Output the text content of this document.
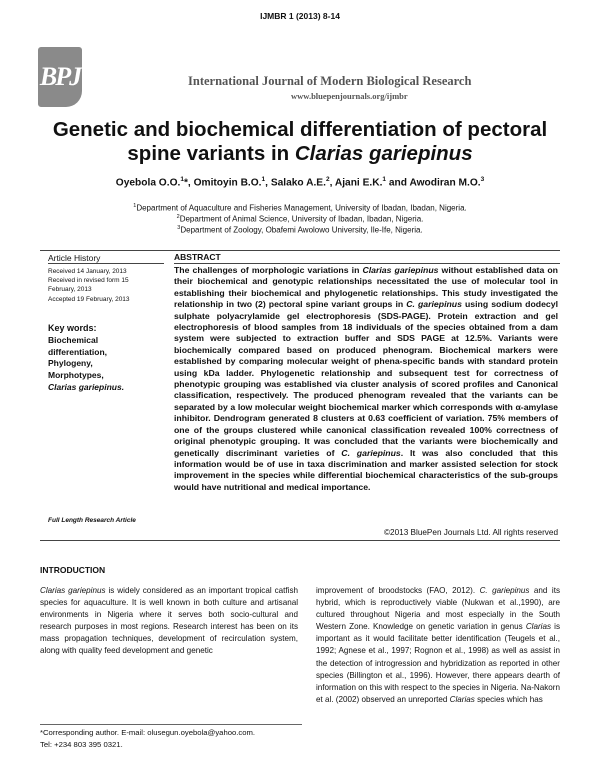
IJMBR 1 (2013) 8-14
BPJ	International Journal of Modern Biological Research
www.bluepenjournals.org/ijmbr
Genetic and biochemical differentiation of pectoral
spine variants in Clarias gariepinus
Oyebola O.O.$^1$*, Omitoyin B.O.$^1$, Salako A.E.$^2$, Ajani E.K.$^1$ and Awodiran M.O.$^3$
$^1$Department of Aquaculture and Fisheries Management, University of Ibadan, Ibadan, Nigeria.
$^2$Department of Animal Science, University of Ibadan, Ibadan, Nigeria.
$^3$Department of Zoology, Obafemi Awolowo University, Ile-Ife, Nigeria.
Article History	ABSTRACT
Received 14 January, 2013
Received in revised form 15
February, 2013
Accepted 19 February, 2013
Key words:
Biochemical
differentiation,
Phylogeny,
Morphotypes,
Clarias gariepinus.
Full Length Research Article
The challenges of morphologic variations in Clarias gariepinus without established data on their biochemical and genotypic relationships necessitated the use of molecular tool in establishing their biochemical and phylogenetic relationships. This study investigated the relationship in two (2) pectoral spine variant groups in C. gariepinus using sodium dodecyl sulphate polyacrylamide gel electrophoresis (SDS-PAGE). Protein extraction and gel electrophoresis of blood samples from 18 individuals of the species obtained from a dam system were subjected to extraction buffer and SDS PAGE at 12.5%. Variants were biochemically compared based on produced phenogram. Biochemical markers were established by comparing molecular weight of phena-specific bands with standard protein using kDa ladder. Phylogenetic relationship and subsequent test for correctness of phenotypic grouping was established via cluster analysis of scored profiles and Canonical classification, respectively. The produced phenogram revealed that the variants can be separated by a low molecular weight biochemical marker which corresponds with α-amylase inhibitor. Dendrogram generated 8 clusters at 0.63 coefficient of variation. 75% members of one of the groups clustered while canonical classification revealed 100% correctness of original phenotypic grouping. It was concluded that the variants were biochemically and genetically discriminant varieties of C. gariepinus. It was also concluded that this information would be of use in taxa discrimination and marker assisted selection for stock improvement in the species while differential biochemical characteristics of the sub-groups would have nutritional and medical importance.
©2013 BluePen Journals Ltd. All rights reserved
INTRODUCTION
Clarias gariepinus is widely considered as an important tropical catfish species for aquaculture. It is well known in both culture and artisanal environments in Nigeria where it serves both socio-cultural and research purposes in most regions. Research interest has been on its mass propagation techniques, development of recirculation system, along with quality feed development and genetic
improvement of broodstocks (FAO, 2012). C. gariepinus and its hybrid, which is reproductively viable (Nukwan et al.,1990), are cultured throughout Nigeria and most especially in the South Western Zone. Knowledge on genetic variation in genus Clarias is important as it would facilitate better identification (Teugels et al., 1992; Agnese et al., 1997; Rognon et al., 1998) as well as assist in the detection of introgression and hybridization as reported in other species (Billington et al., 1996). However, there appears dearth of information on this with respect to the species in Nigeria. Na-Nakorn et al. (2002) observed an unreported Clarias species which has
*Corresponding author. E-mail: olusegun.oyebola@yahoo.com.
Tel: +234 803 395 0321.
